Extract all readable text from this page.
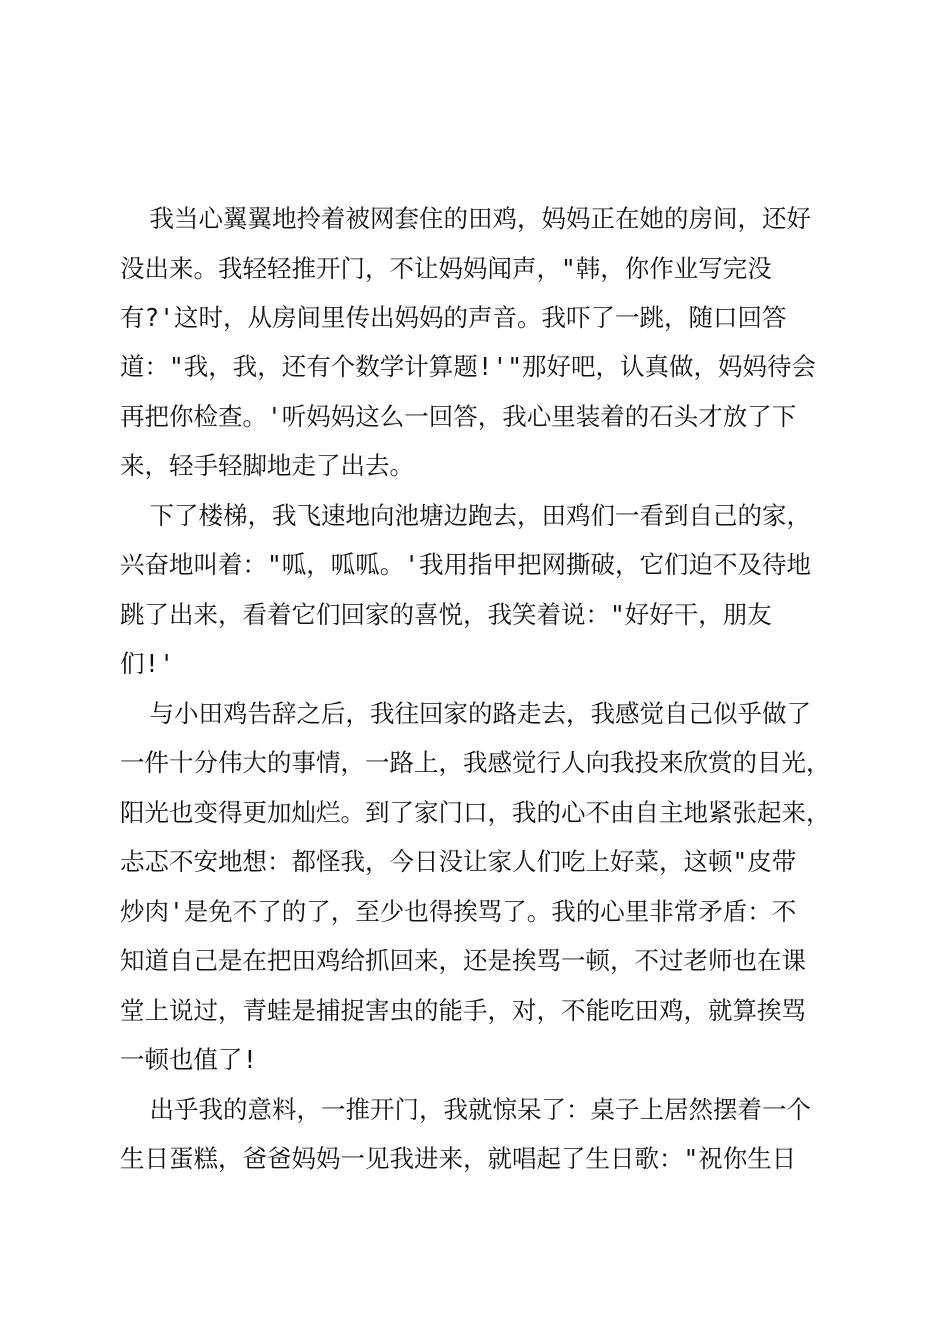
我当心翼翼地拎着被网套住的田鸡，妈妈正在她的房间，还好
没出来。我轻轻推开门，不让妈妈闻声，"韩，你作业写完没
有?'这时，从房间里传出妈妈的声音。我吓了一跳，随口回答
道："我，我，还有个数学计算题!'"那好吧，认真做，妈妈待会
再把你检查。'听妈妈这么一回答，我心里装着的石头才放了下
来，轻手轻脚地走了出去。
下了楼梯，我飞速地向池塘边跑去，田鸡们一看到自己的家，
兴奋地叫着："呱，呱呱。'我用指甲把网撕破，它们迫不及待地
跳了出来，看着它们回家的喜悦，我笑着说："好好干，朋友
们!'
与小田鸡告辞之后，我往回家的路走去，我感觉自己似乎做了
一件十分伟大的事情，一路上，我感觉行人向我投来欣赏的目光，
阳光也变得更加灿烂。到了家门口，我的心不由自主地紧张起来，
忐忑不安地想：都怪我，今日没让家人们吃上好菜，这顿"皮带
炒肉'是免不了的了，至少也得挨骂了。我的心里非常矛盾：不
知道自己是在把田鸡给抓回来，还是挨骂一顿，不过老师也在课
堂上说过，青蛙是捕捉害虫的能手，对，不能吃田鸡，就算挨骂
一顿也值了!
出乎我的意料，一推开门，我就惊呆了：桌子上居然摆着一个
生日蛋糕，爸爸妈妈一见我进来，就唱起了生日歌："祝你生日
